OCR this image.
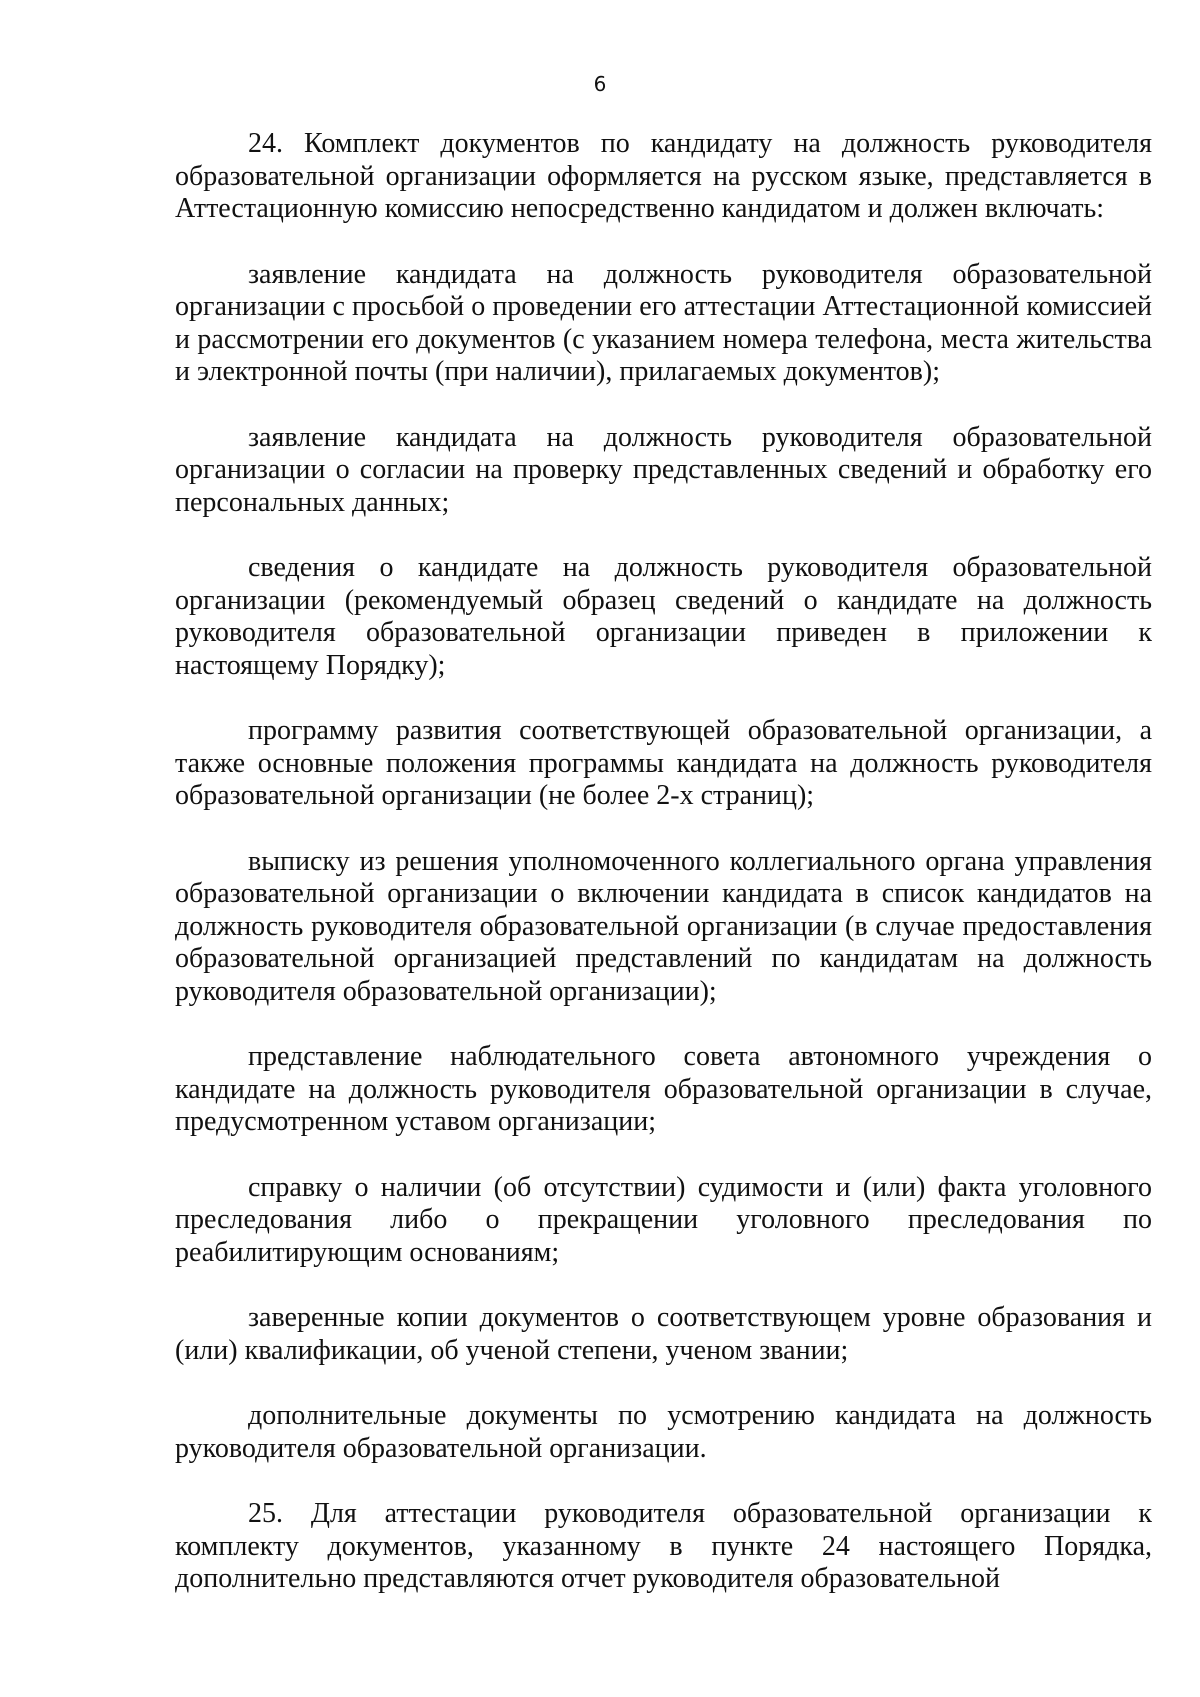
6

24. Комплект документов по кандидату на должность руководителя образовательной организации оформляется на русском языке, представляется в Аттестационную комиссию непосредственно кандидатом и должен включать:

заявление кандидата на должность руководителя образовательной организации с просьбой о проведении его аттестации Аттестационной комиссией и рассмотрении его документов (с указанием номера телефона, места жительства и электронной почты (при наличии), прилагаемых документов);

заявление кандидата на должность руководителя образовательной организации о согласии на проверку представленных сведений и обработку его персональных данных;

сведения о кандидате на должность руководителя образовательной организации (рекомендуемый образец сведений о кандидате на должность руководителя образовательной организации приведен в приложении к настоящему Порядку);

программу развития соответствующей образовательной организации, а также основные положения программы кандидата на должность руководителя образовательной организации (не более 2-х страниц);

выписку из решения уполномоченного коллегиального органа управления образовательной организации о включении кандидата в список кандидатов на должность руководителя образовательной организации (в случае предоставления образовательной организацией представлений по кандидатам на должность руководителя образовательной организации);

представление наблюдательного совета автономного учреждения о кандидате на должность руководителя образовательной организации в случае, предусмотренном уставом организации;

справку о наличии (об отсутствии) судимости и (или) факта уголовного преследования либо о прекращении уголовного преследования по реабилитирующим основаниям;

заверенные копии документов о соответствующем уровне образования и (или) квалификации, об ученой степени, ученом звании;

дополнительные документы по усмотрению кандидата на должность руководителя образовательной организации.

25. Для аттестации руководителя образовательной организации к комплекту документов, указанному в пункте 24 настоящего Порядка, дополнительно представляются отчет руководителя образовательной
